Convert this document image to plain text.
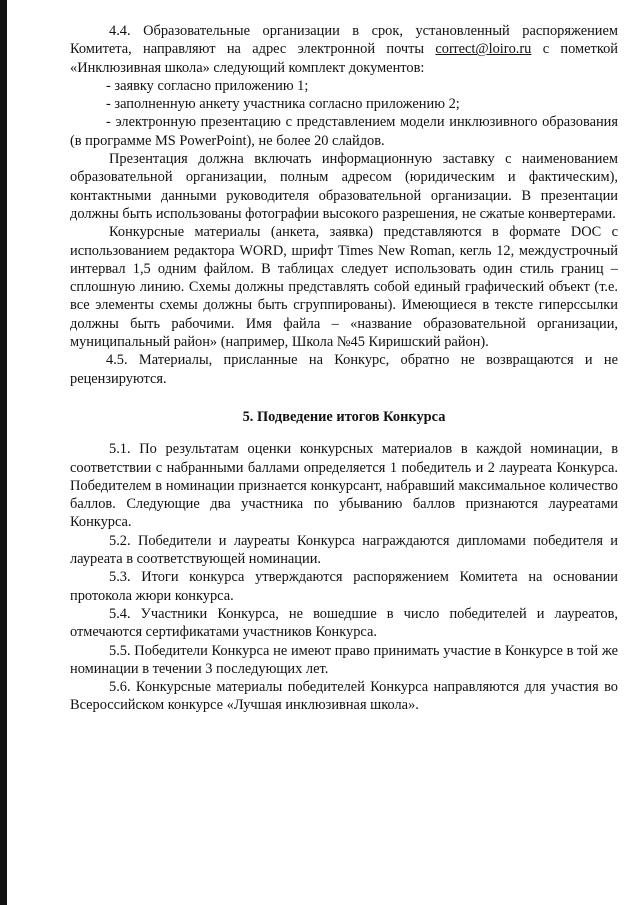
4.4. Образовательные организации в срок, установленный распоряжением Комитета, направляют на адрес электронной почты correct@loiro.ru с пометкой «Инклюзивная школа» следующий комплект документов:

- заявку согласно приложению 1;

- заполненную анкету участника согласно приложению 2;

- электронную презентацию с представлением модели инклюзивного образования (в программе MS PowerPoint), не более 20 слайдов.

Презентация должна включать информационную заставку с наименованием образовательной организации, полным адресом (юридическим и фактическим), контактными данными руководителя образовательной организации. В презентации должны быть использованы фотографии высокого разрешения, не сжатые конвертерами.

Конкурсные материалы (анкета, заявка) представляются в формате DOC с использованием редактора WORD, шрифт Times New Roman, кегль 12, междустрочный интервал 1,5 одним файлом. В таблицах следует использовать один стиль границ – сплошную линию. Схемы должны представлять собой единый графический объект (т.е. все элементы схемы должны быть сгруппированы). Имеющиеся в тексте гиперссылки должны быть рабочими. Имя файла – «название образовательной организации, муниципальный район» (например, Школа №45 Киришский район).

4.5. Материалы, присланные на Конкурс, обратно не возвращаются и не рецензируются.

5. Подведение итогов Конкурса

5.1. По результатам оценки конкурсных материалов в каждой номинации, в соответствии с набранными баллами определяется 1 победитель и 2 лауреата Конкурса. Победителем в номинации признается конкурсант, набравший максимальное количество баллов. Следующие два участника по убыванию баллов признаются лауреатами Конкурса.

5.2. Победители и лауреаты Конкурса награждаются дипломами победителя и лауреата в соответствующей номинации.

5.3. Итоги конкурса утверждаются распоряжением Комитета на основании протокола жюри конкурса.

5.4. Участники Конкурса, не вошедшие в число победителей и лауреатов, отмечаются сертификатами участников Конкурса.

5.5. Победители Конкурса не имеют право принимать участие в Конкурсе в той же номинации в течении 3 последующих лет.

5.6. Конкурсные материалы победителей Конкурса направляются для участия во Всероссийском конкурсе «Лучшая инклюзивная школа».
